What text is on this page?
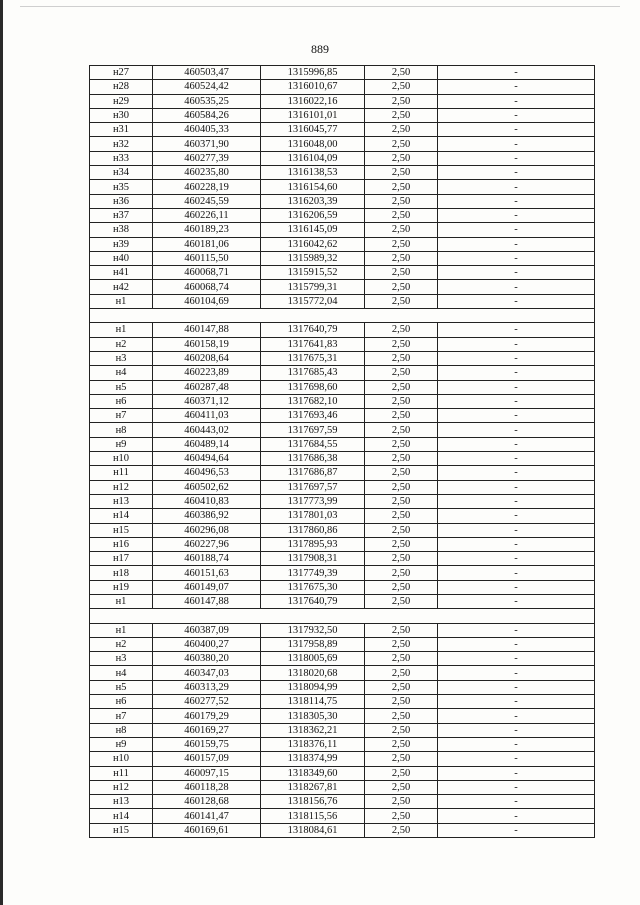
889
н27	460503,47	1315996,85	2,50	-
н28	460524,42	1316010,67	2,50	-
н29	460535,25	1316022,16	2,50	-
н30	460584,26	1316101,01	2,50	-
н31	460405,33	1316045,77	2,50	-
н32	460371,90	1316048,00	2,50	-
н33	460277,39	1316104,09	2,50	-
н34	460235,80	1316138,53	2,50	-
н35	460228,19	1316154,60	2,50	-
н36	460245,59	1316203,39	2,50	-
н37	460226,11	1316206,59	2,50	-
н38	460189,23	1316145,09	2,50	-
н39	460181,06	1316042,62	2,50	-
н40	460115,50	1315989,32	2,50	-
н41	460068,71	1315915,52	2,50	-
н42	460068,74	1315799,31	2,50	-
н1	460104,69	1315772,04	2,50	-

н1	460147,88	1317640,79	2,50	-
н2	460158,19	1317641,83	2,50	-
н3	460208,64	1317675,31	2,50	-
н4	460223,89	1317685,43	2,50	-
н5	460287,48	1317698,60	2,50	-
н6	460371,12	1317682,10	2,50	-
н7	460411,03	1317693,46	2,50	-
н8	460443,02	1317697,59	2,50	-
н9	460489,14	1317684,55	2,50	-
н10	460494,64	1317686,38	2,50	-
н11	460496,53	1317686,87	2,50	-
н12	460502,62	1317697,57	2,50	-
н13	460410,83	1317773,99	2,50	-
н14	460386,92	1317801,03	2,50	-
н15	460296,08	1317860,86	2,50	-
н16	460227,96	1317895,93	2,50	-
н17	460188,74	1317908,31	2,50	-
н18	460151,63	1317749,39	2,50	-
н19	460149,07	1317675,30	2,50	-
н1	460147,88	1317640,79	2,50	-

н1	460387,09	1317932,50	2,50	-
н2	460400,27	1317958,89	2,50	-
н3	460380,20	1318005,69	2,50	-
н4	460347,03	1318020,68	2,50	-
н5	460313,29	1318094,99	2,50	-
н6	460277,52	1318114,75	2,50	-
н7	460179,29	1318305,30	2,50	-
н8	460169,27	1318362,21	2,50	-
н9	460159,75	1318376,11	2,50	-
н10	460157,09	1318374,99	2,50	-
н11	460097,15	1318349,60	2,50	-
н12	460118,28	1318267,81	2,50	-
н13	460128,68	1318156,76	2,50	-
н14	460141,47	1318115,56	2,50	-
н15	460169,61	1318084,61	2,50	-
